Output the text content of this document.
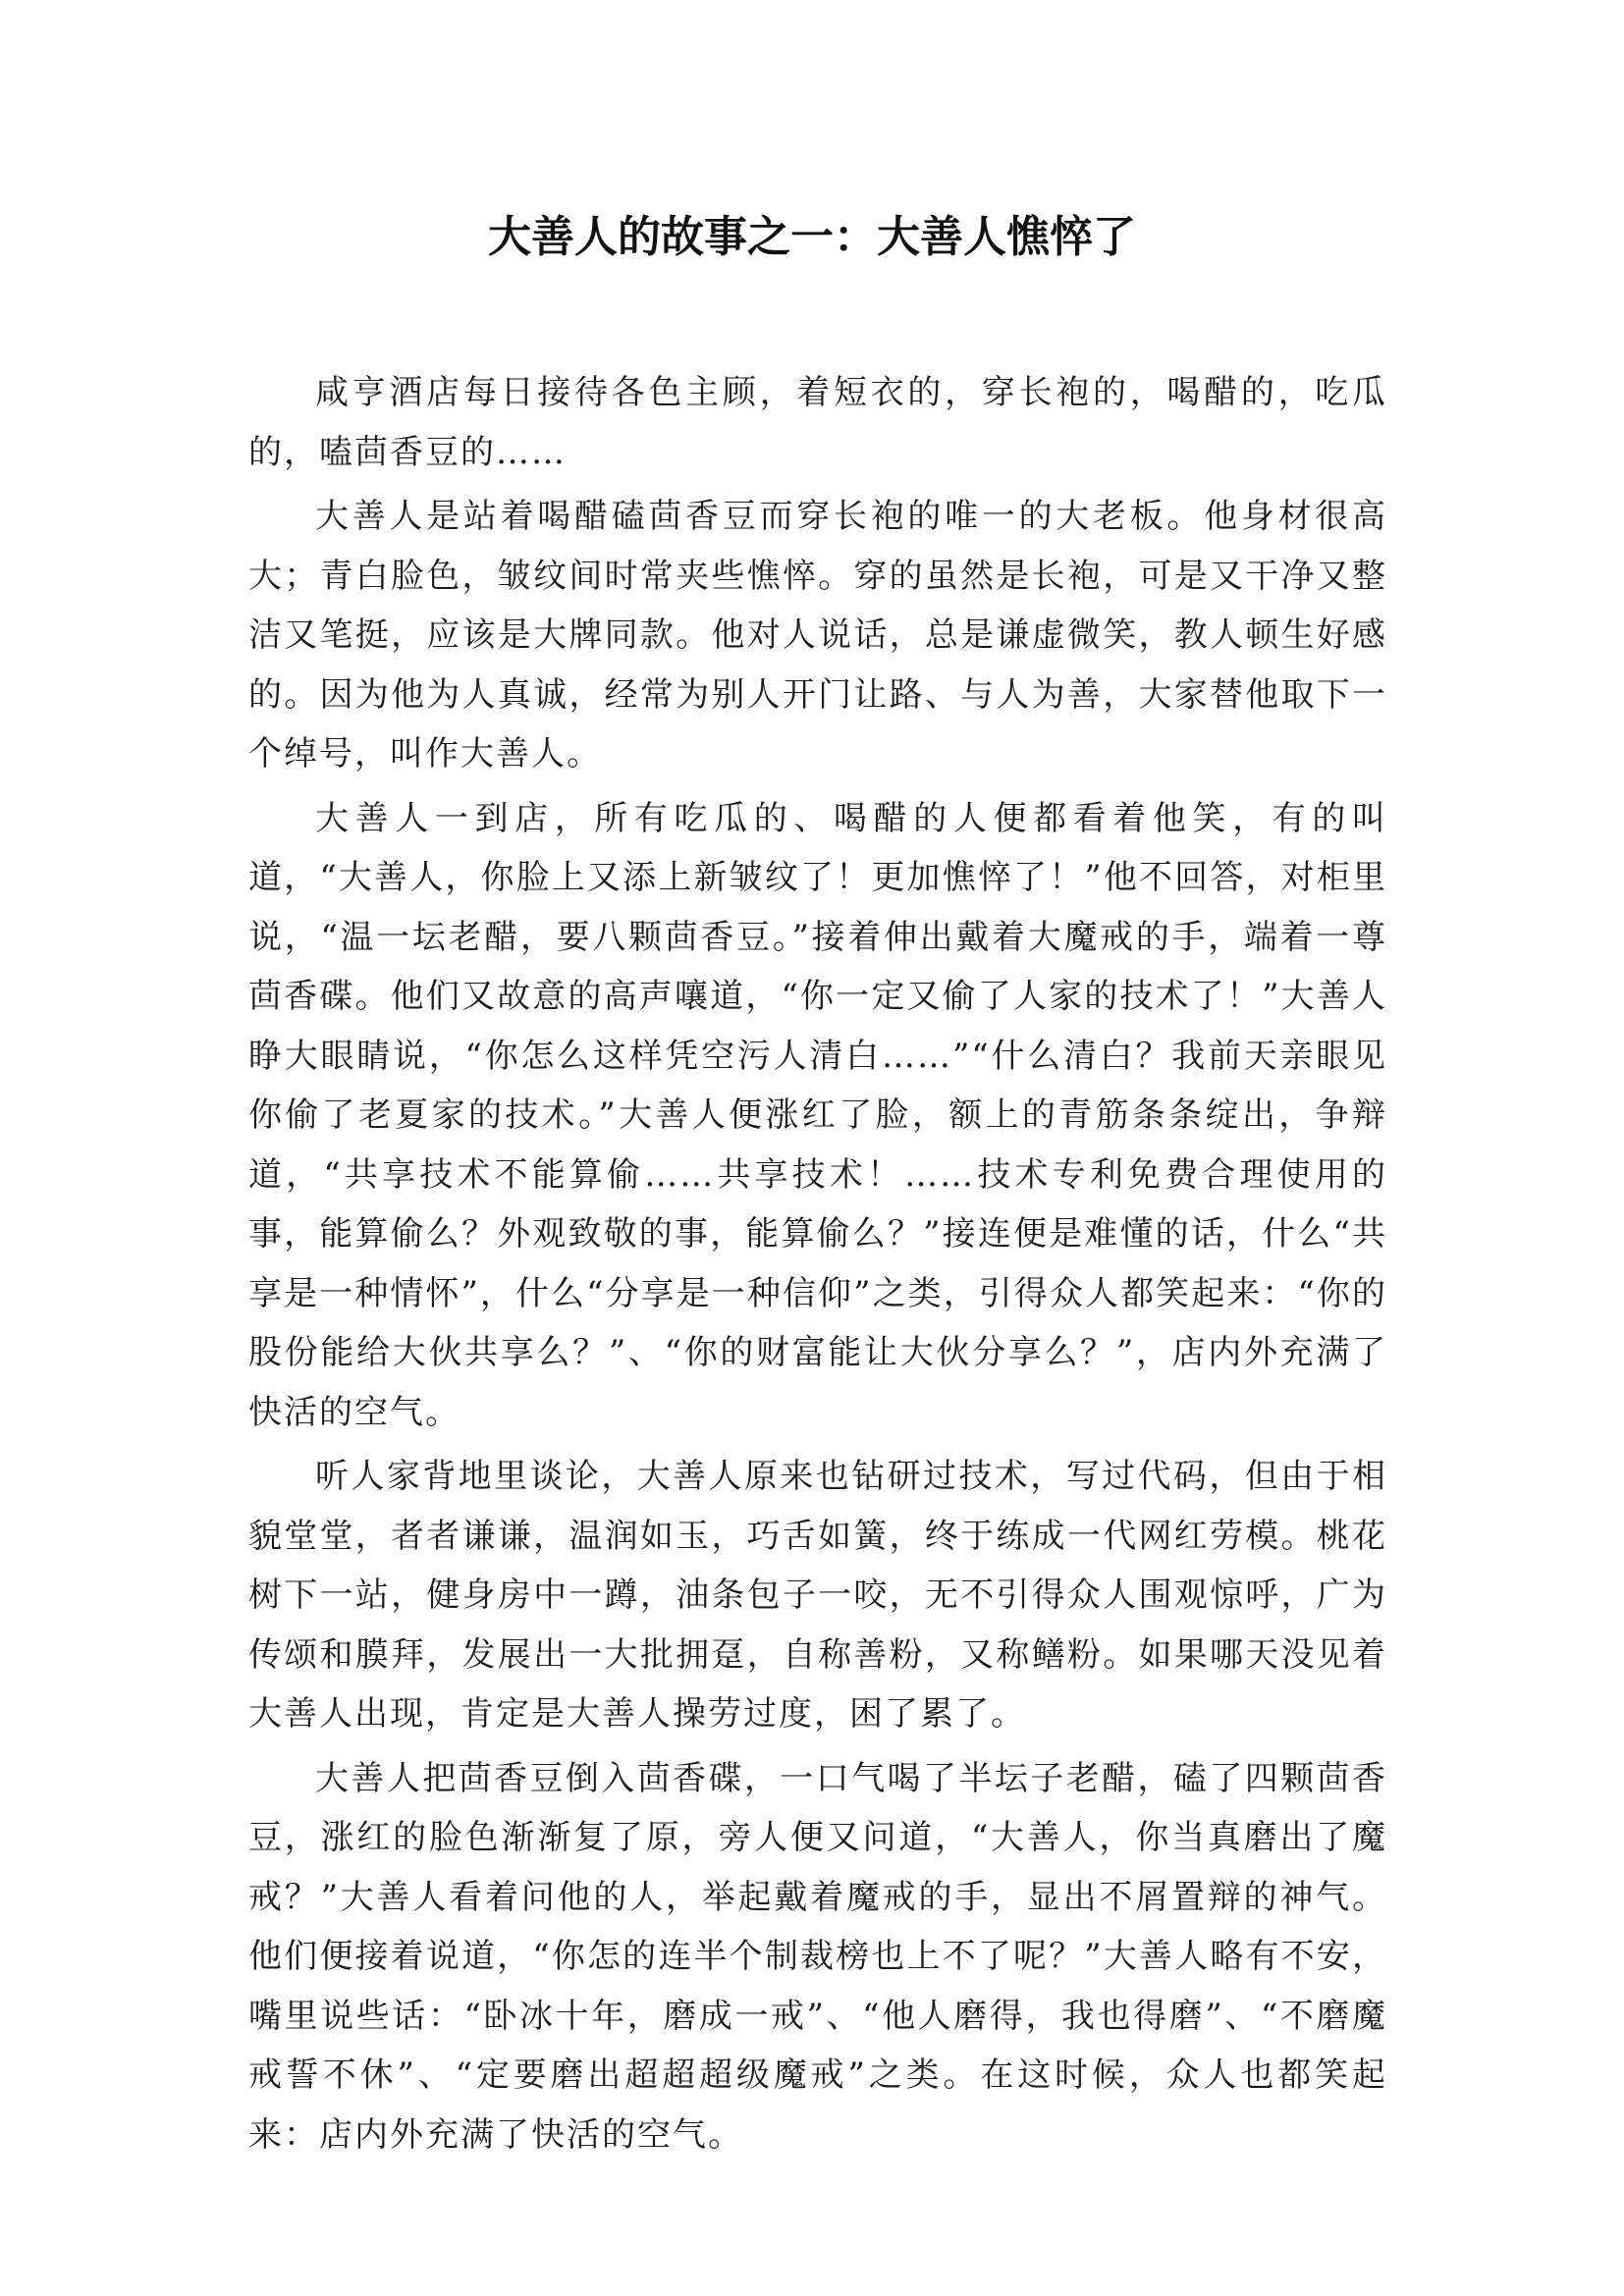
大善人的故事之一：大善人憔悴了

咸亨酒店每日接待各色主顾，着短衣的，穿长袍的，喝醋的，吃瓜的，嗑茴香豆的……

大善人是站着喝醋磕茴香豆而穿长袍的唯一的大老板。他身材很高大；青白脸色，皱纹间时常夹些憔悴。穿的虽然是长袍，可是又干净又整洁又笔挺，应该是大牌同款。他对人说话，总是谦虚微笑，教人顿生好感的。因为他为人真诚，经常为别人开门让路、与人为善，大家替他取下一个绰号，叫作大善人。

大善人一到店，所有吃瓜的、喝醋的人便都看着他笑，有的叫道，“大善人，你脸上又添上新皱纹了！更加憔悴了！”他不回答，对柜里说，“温一坛老醋，要八颗茴香豆。”接着伸出戴着大魔戒的手，端着一尊茴香碟。他们又故意的高声嚷道，“你一定又偷了人家的技术了！”大善人睁大眼睛说，“你怎么这样凭空污人清白……”“什么清白？我前天亲眼见你偷了老夏家的技术。”大善人便涨红了脸，额上的青筋条条绽出，争辩道，“共享技术不能算偷……共享技术！……技术专利免费合理使用的事，能算偷么？外观致敬的事，能算偷么？”接连便是难懂的话，什么“共享是一种情怀”，什么“分享是一种信仰”之类，引得众人都笑起来：“你的股份能给大伙共享么？”、“你的财富能让大伙分享么？”，店内外充满了快活的空气。

听人家背地里谈论，大善人原来也钻研过技术，写过代码，但由于相貌堂堂，者者谦谦，温润如玉，巧舌如簧，终于练成一代网红劳模。桃花树下一站，健身房中一蹲，油条包子一咬，无不引得众人围观惊呼，广为传颂和膜拜，发展出一大批拥趸，自称善粉，又称鳝粉。如果哪天没见着大善人出现，肯定是大善人操劳过度，困了累了。

大善人把茴香豆倒入茴香碟，一口气喝了半坛子老醋，磕了四颗茴香豆，涨红的脸色渐渐复了原，旁人便又问道，“大善人，你当真磨出了魔戒？”大善人看着问他的人，举起戴着魔戒的手，显出不屑置辩的神气。他们便接着说道，“你怎的连半个制裁榜也上不了呢？”大善人略有不安，嘴里说些话：“卧冰十年，磨成一戒”、“他人磨得，我也得磨”、“不磨魔戒誓不休”、“定要磨出超超超级魔戒”之类。在这时候，众人也都笑起来：店内外充满了快活的空气。
